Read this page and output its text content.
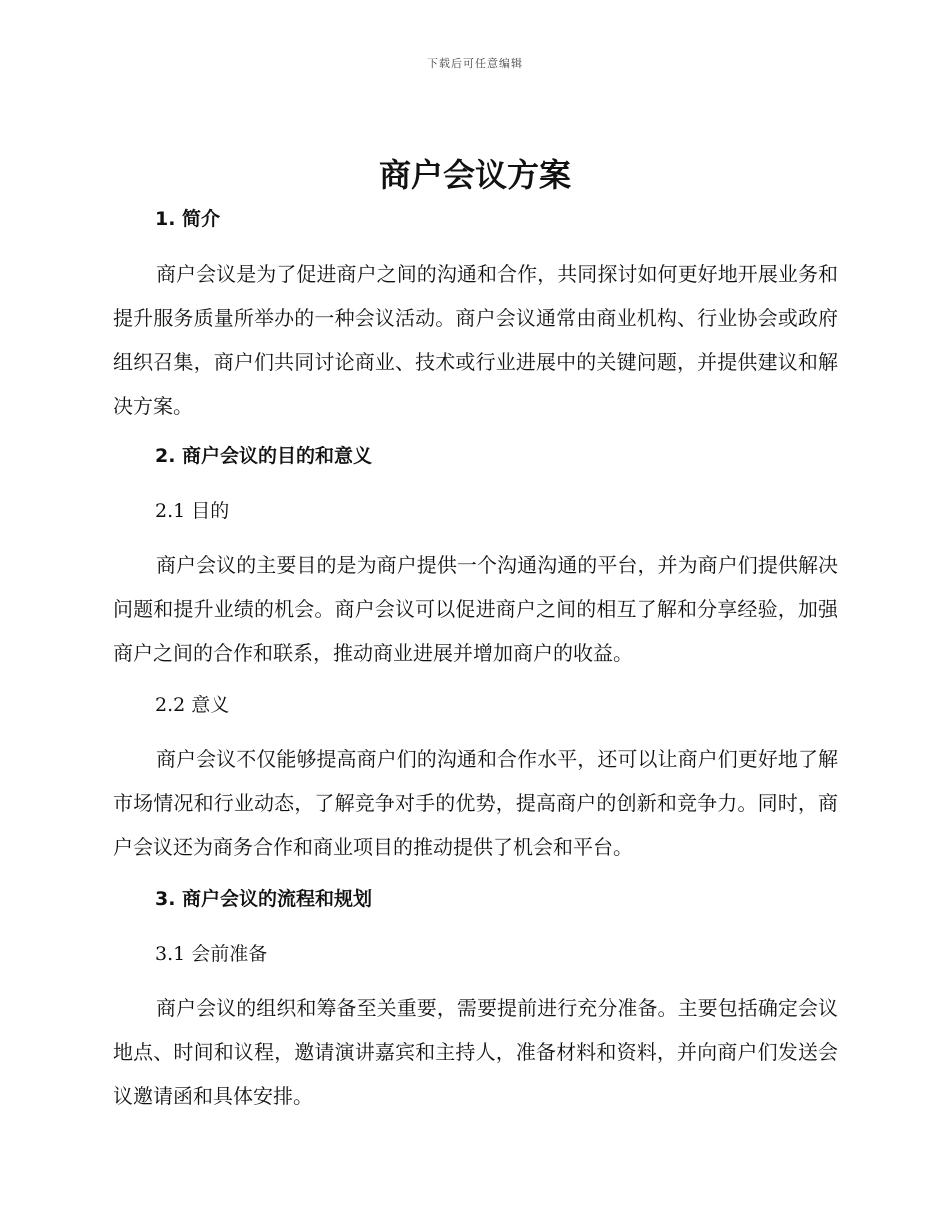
下载后可任意编辑
商户会议方案
1. 简介

商户会议是为了促进商户之间的沟通和合作，共同探讨如何更好地开展业务和提升服务质量所举办的一种会议活动。商户会议通常由商业机构、行业协会或政府组织召集，商户们共同讨论商业、技术或行业进展中的关键问题，并提供建议和解决方案。

2. 商户会议的目的和意义
2.1 目的

商户会议的主要目的是为商户提供一个沟通沟通的平台，并为商户们提供解决问题和提升业绩的机会。商户会议可以促进商户之间的相互了解和分享经验，加强商户之间的合作和联系，推动商业进展并增加商户的收益。

2.2 意义

商户会议不仅能够提高商户们的沟通和合作水平，还可以让商户们更好地了解市场情况和行业动态，了解竞争对手的优势，提高商户的创新和竞争力。同时，商户会议还为商务合作和商业项目的推动提供了机会和平台。

3. 商户会议的流程和规划
3.1 会前准备

商户会议的组织和筹备至关重要，需要提前进行充分准备。主要包括确定会议地点、时间和议程，邀请演讲嘉宾和主持人，准备材料和资料，并向商户们发送会议邀请函和具体安排。
